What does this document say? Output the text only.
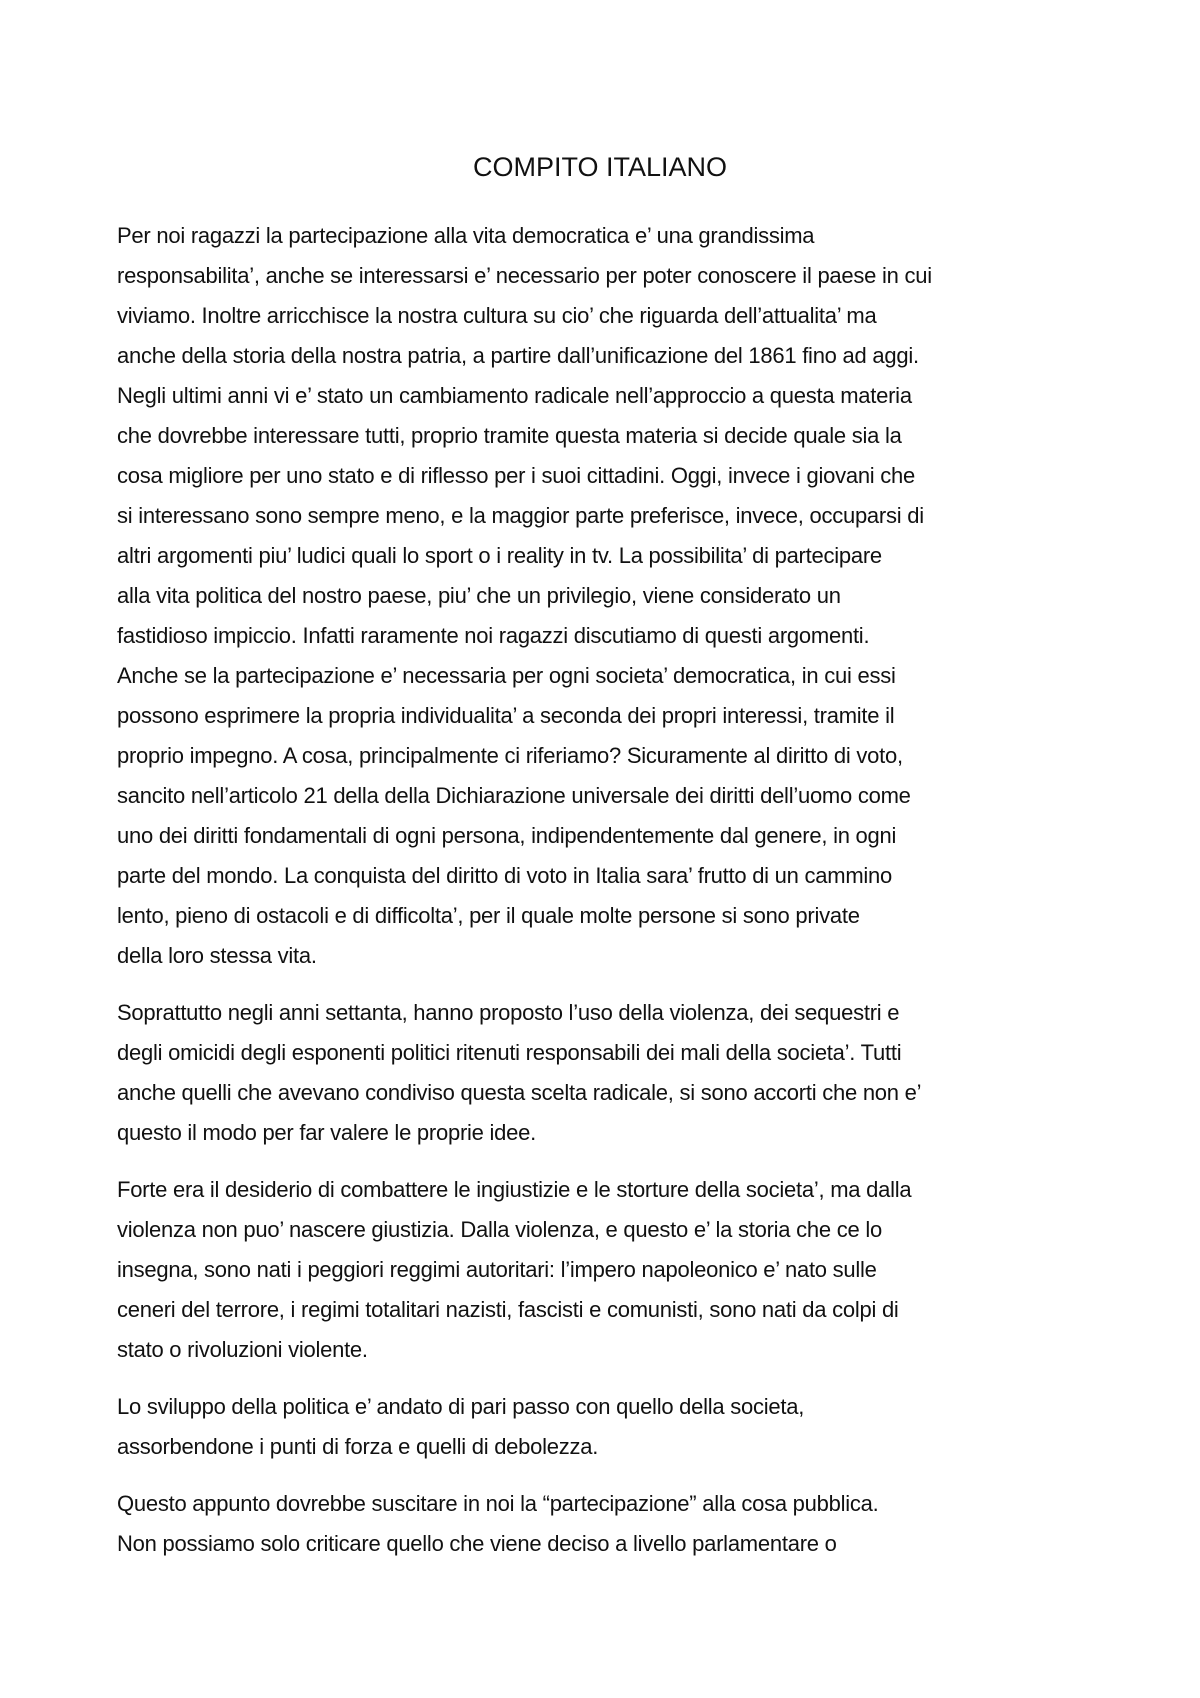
COMPITO ITALIANO

Per noi ragazzi la partecipazione alla vita democratica e’ una grandissima
responsabilita’, anche se interessarsi e’ necessario per poter conoscere il paese in cui
viviamo. Inoltre arricchisce la nostra cultura su cio’ che riguarda dell’attualita’ ma
anche della storia della nostra patria, a partire dall’unificazione del 1861 fino ad aggi.
Negli ultimi anni vi e’ stato un cambiamento radicale nell’approccio a questa materia
che dovrebbe interessare tutti, proprio tramite questa materia si decide quale sia la
cosa migliore per uno stato e di riflesso per i suoi cittadini. Oggi, invece i giovani che
si interessano sono sempre meno, e la maggior parte preferisce, invece, occuparsi di
altri argomenti piu’ ludici quali lo sport o i reality in tv. La possibilita’ di partecipare
alla vita politica del nostro paese, piu’ che un privilegio, viene considerato un
fastidioso impiccio. Infatti raramente noi ragazzi discutiamo di questi argomenti.
Anche se la partecipazione e’ necessaria per ogni societa’ democratica, in cui essi
possono esprimere la propria individualita’ a seconda dei propri interessi, tramite il
proprio impegno. A cosa, principalmente ci riferiamo? Sicuramente al diritto di voto,
sancito nell’articolo 21 della della Dichiarazione universale dei diritti dell’uomo come
uno dei diritti fondamentali di ogni persona, indipendentemente dal genere, in ogni
parte del mondo. La conquista del diritto di voto in Italia sara’ frutto di un cammino
lento, pieno di ostacoli e di difficolta’, per il quale molte persone si sono private
della loro stessa vita.

Soprattutto negli anni settanta, hanno proposto l’uso della violenza, dei sequestri e
degli omicidi degli esponenti politici ritenuti responsabili dei mali della societa’. Tutti
anche quelli che avevano condiviso questa scelta radicale, si sono accorti che non e’
questo il modo per far valere le proprie idee.

Forte era il desiderio di combattere le ingiustizie e le storture della societa’, ma dalla
violenza non puo’ nascere giustizia. Dalla violenza, e questo e’ la storia che ce lo
insegna, sono nati i peggiori reggimi autoritari: l’impero napoleonico e’ nato sulle
ceneri del terrore, i regimi totalitari nazisti, fascisti e comunisti, sono nati da colpi di
stato o rivoluzioni violente.

Lo sviluppo della politica e’ andato di pari passo con quello della societa,
assorbendone i punti di forza e quelli di debolezza.

Questo appunto dovrebbe suscitare in noi la “partecipazione” alla cosa pubblica.
Non possiamo solo criticare quello che viene deciso a livello parlamentare o
